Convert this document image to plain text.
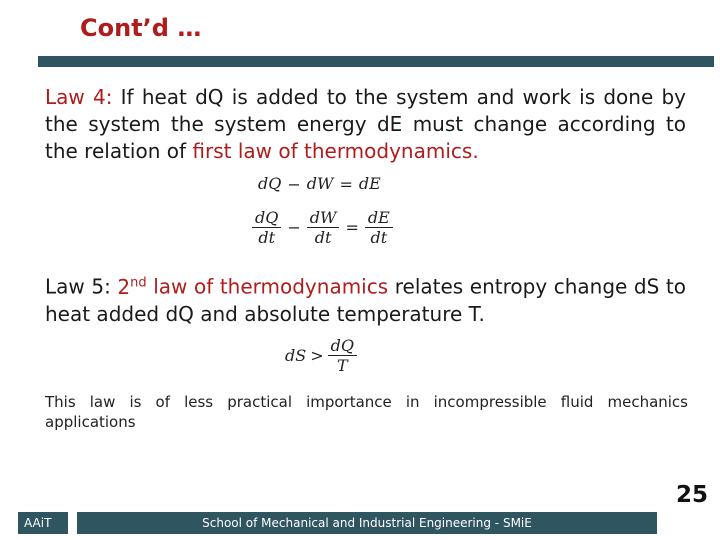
Cont’d …
Law 4: If heat dQ is added to the system and work is done by the system the system energy dE must change according to the relation of first law of thermodynamics.
dQ − dW = dE
$\frac{dQ}{dt} - \frac{dW}{dt} = \frac{dE}{dt}$
Law 5: 2nd law of thermodynamics relates entropy change dS to heat added dQ and absolute temperature T.
dS > $\frac{dQ}{T}$
This law is of less practical importance in incompressible fluid mechanics applications
25
AAiT	School of Mechanical and Industrial Engineering - SMiE
